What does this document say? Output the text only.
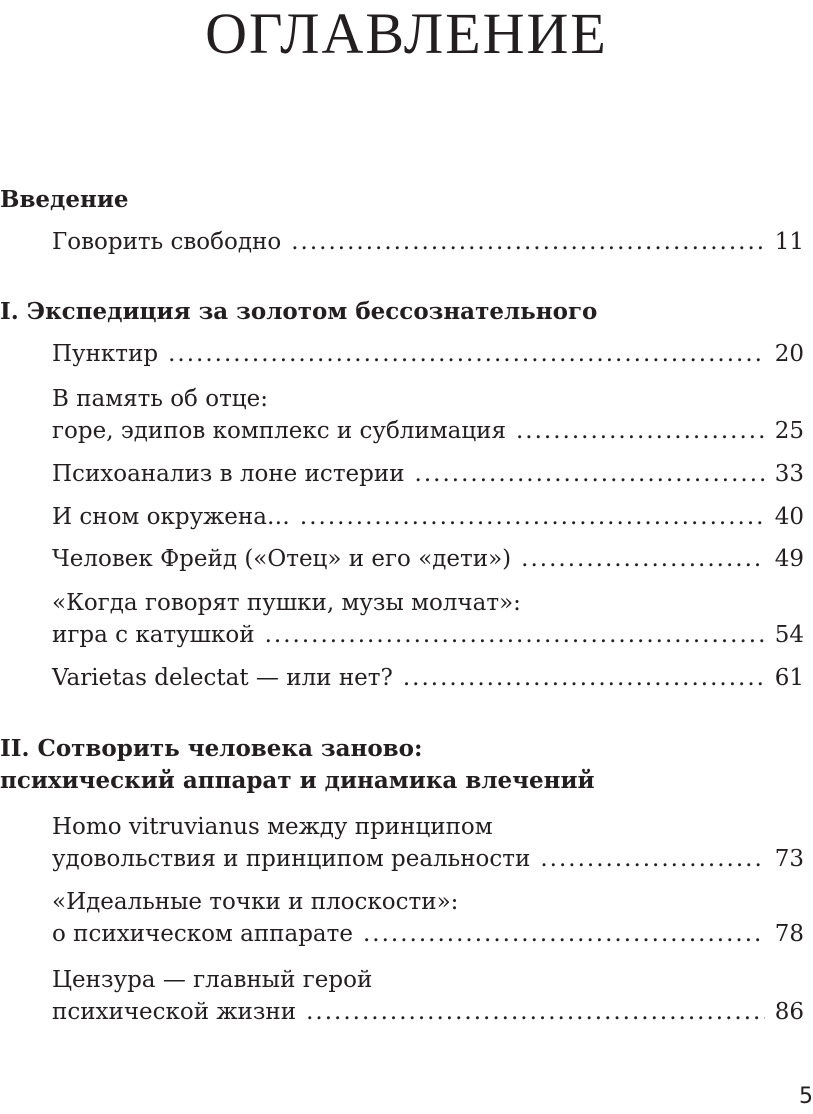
ОГЛАВЛЕНИЕ
Введение
Говорить свободно .....	11
I. Экспедиция за золотом бессознательного
Пунктир .....	20
В память об отце:
горе, эдипов комплекс и сублимация .....	25
Психоанализ в лоне истерии .....	33
И сном окружена… .....	40
Человек Фрейд («Отец» и его «дети») .....	49
«Когда говорят пушки, музы молчат»:
игра с катушкой .....	54
Varietas delectat — или нет? .....	61
II. Сотворить человека заново:
психический аппарат и динамика влечений
Homo vitruvianus между принципом
удовольствия и принципом реальности .....	73
«Идеальные точки и плоскости»:
о психическом аппарате .....	78
Цензура — главный герой
психической жизни .....	86
5
